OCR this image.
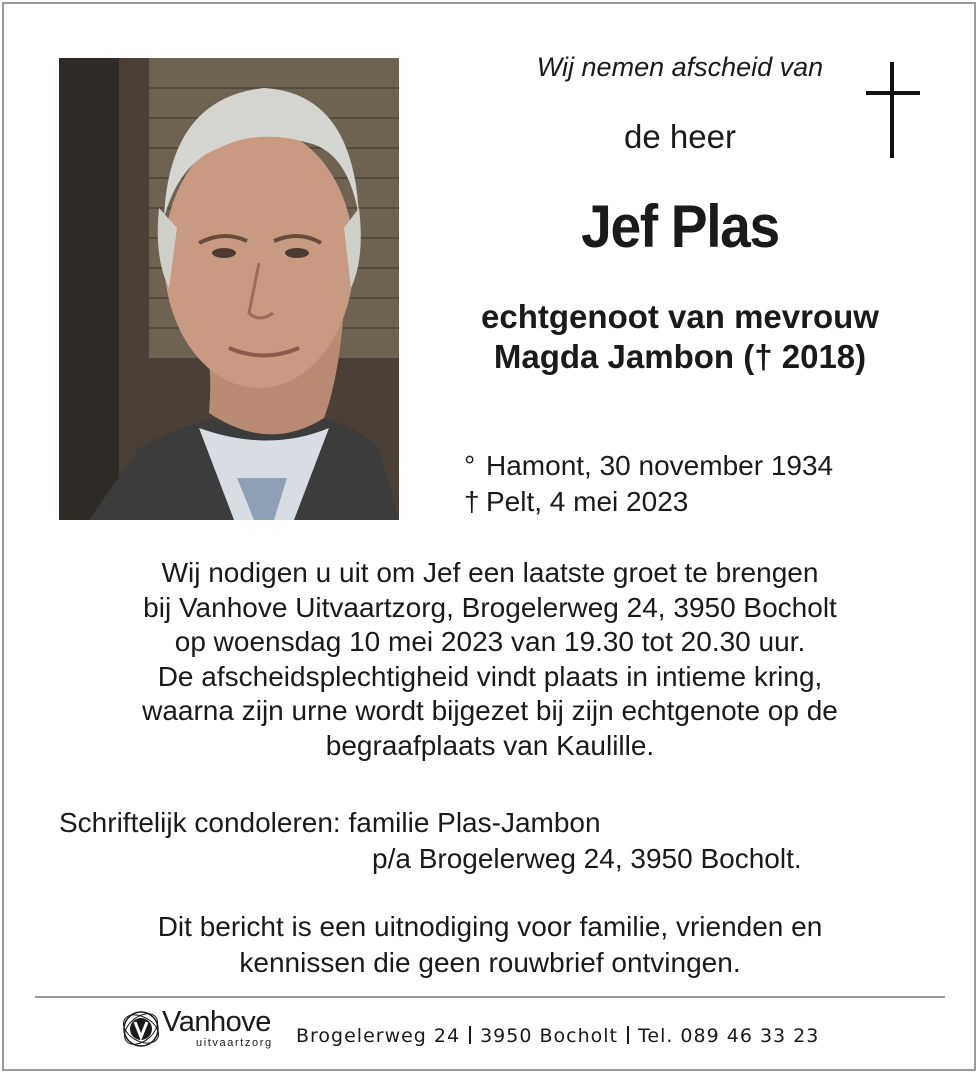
Wij nemen afscheid van
de heer
Jef Plas
echtgenoot van mevrouw
Magda Jambon († 2018)
° Hamont, 30 november 1934
† Pelt, 4 mei 2023
Wij nodigen u uit om Jef een laatste groet te brengen
bij Vanhove Uitvaartzorg, Brogelerweg 24, 3950 Bocholt
op woensdag 10 mei 2023 van 19.30 tot 20.30 uur.
De afscheidsplechtigheid vindt plaats in intieme kring,
waarna zijn urne wordt bijgezet bij zijn echtgenote op de
begraafplaats van Kaulille.
Schriftelijk condoleren: familie Plas-Jambon
p/a Brogelerweg 24, 3950 Bocholt.
Dit bericht is een uitnodiging voor familie, vrienden en
kennissen die geen rouwbrief ontvingen.
Vanhove
uitvaartzorg Brogelerweg 24 3950 Bocholt Tel. 089 46 33 23
